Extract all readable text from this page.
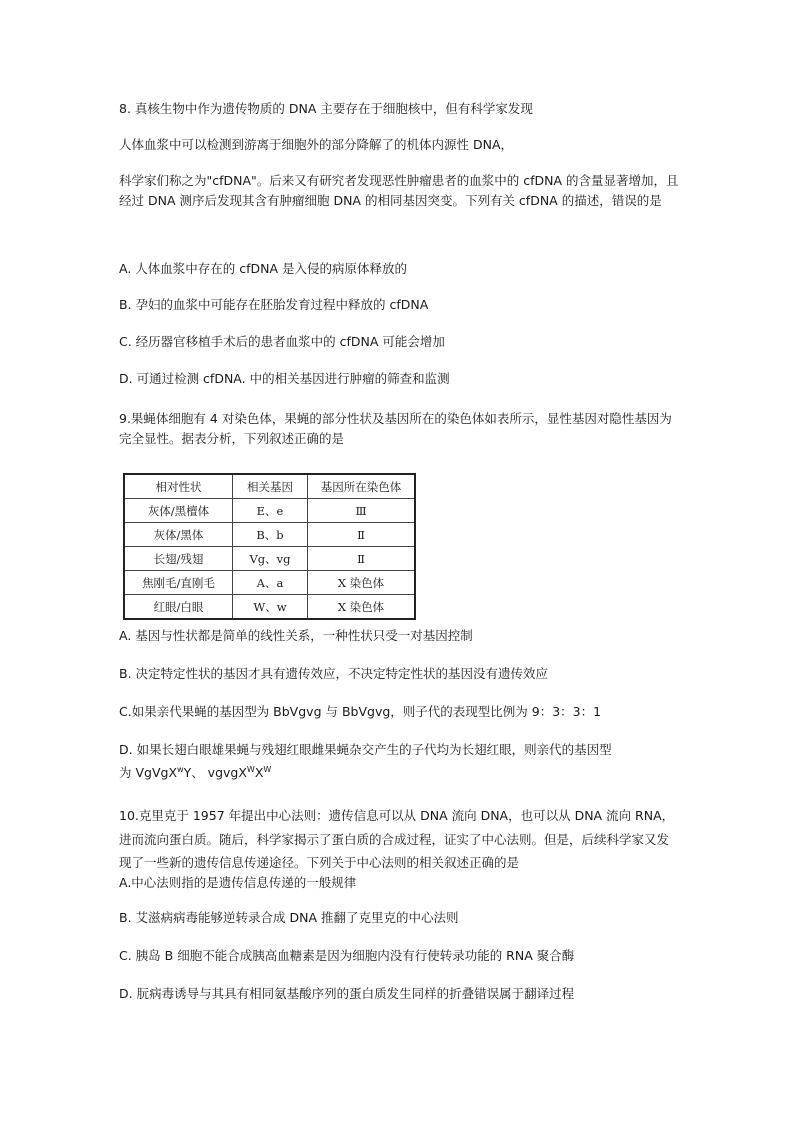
8. 真核生物中作为遗传物质的 DNA 主要存在于细胞核中，但有科学家发现
人体血浆中可以检测到游离于细胞外的部分降解了的机体内源性 DNA，
科学家们称之为"cfDNA"。后来又有研究者发现恶性肿瘤患者的血浆中的 cfDNA 的含量显著增加，且经过 DNA 测序后发现其含有肿瘤细胞 DNA 的相同基因突变。下列有关 cfDNA 的描述，错误的是
A. 人体血浆中存在的 cfDNA 是入侵的病原体释放的
B. 孕妇的血浆中可能存在胚胎发育过程中释放的 cfDNA
C. 经历器官移植手术后的患者血浆中的 cfDNA 可能会增加
D. 可通过检测 cfDNA. 中的相关基因进行肿瘤的筛查和监测
9.果蝇体细胞有 4 对染色体，果蝇的部分性状及基因所在的染色体如表所示，显性基因对隐性基因为完全显性。据表分析，下列叙述正确的是
相对性状	相关基因	基因所在染色体
灰体/黑檀体	E、e	Ⅲ
灰体/黑体	B、b	Ⅱ
长翅/残翅	Vg、vg	Ⅱ
焦刚毛/直刚毛	A、a	X 染色体
红眼/白眼	W、w	X 染色体
A. 基因与性状都是简单的线性关系，一种性状只受一对基因控制
B. 决定特定性状的基因才具有遗传效应，不决定特定性状的基因没有遗传效应
C.如果亲代果蝇的基因型为 BbVgvg 与 BbVgvg，则子代的表现型比例为 9：3：3：1
D. 如果长翅白眼雄果蝇与残翅红眼雌果蝇杂交产生的子代均为长翅红眼，则亲代的基因型
为 VgVgX$^w$Y、 $vgvgX^WX^W$
10.克里克于 1957 年提出中心法则：遗传信息可以从 DNA 流向 DNA，也可以从 DNA 流向 RNA，进而流向蛋白质。随后，科学家揭示了蛋白质的合成过程，证实了中心法则。但是，后续科学家又发现了一些新的遗传信息传递途径。下列关于中心法则的相关叙述正确的是
A.中心法则指的是遗传信息传递的一般规律
B. 艾滋病病毒能够逆转录合成 DNA 推翻了克里克的中心法则
C. 胰岛 B 细胞不能合成胰高血糖素是因为细胞内没有行使转录功能的 RNA 聚合酶
D. 朊病毒诱导与其具有相同氨基酸序列的蛋白质发生同样的折叠错误属于翻译过程
